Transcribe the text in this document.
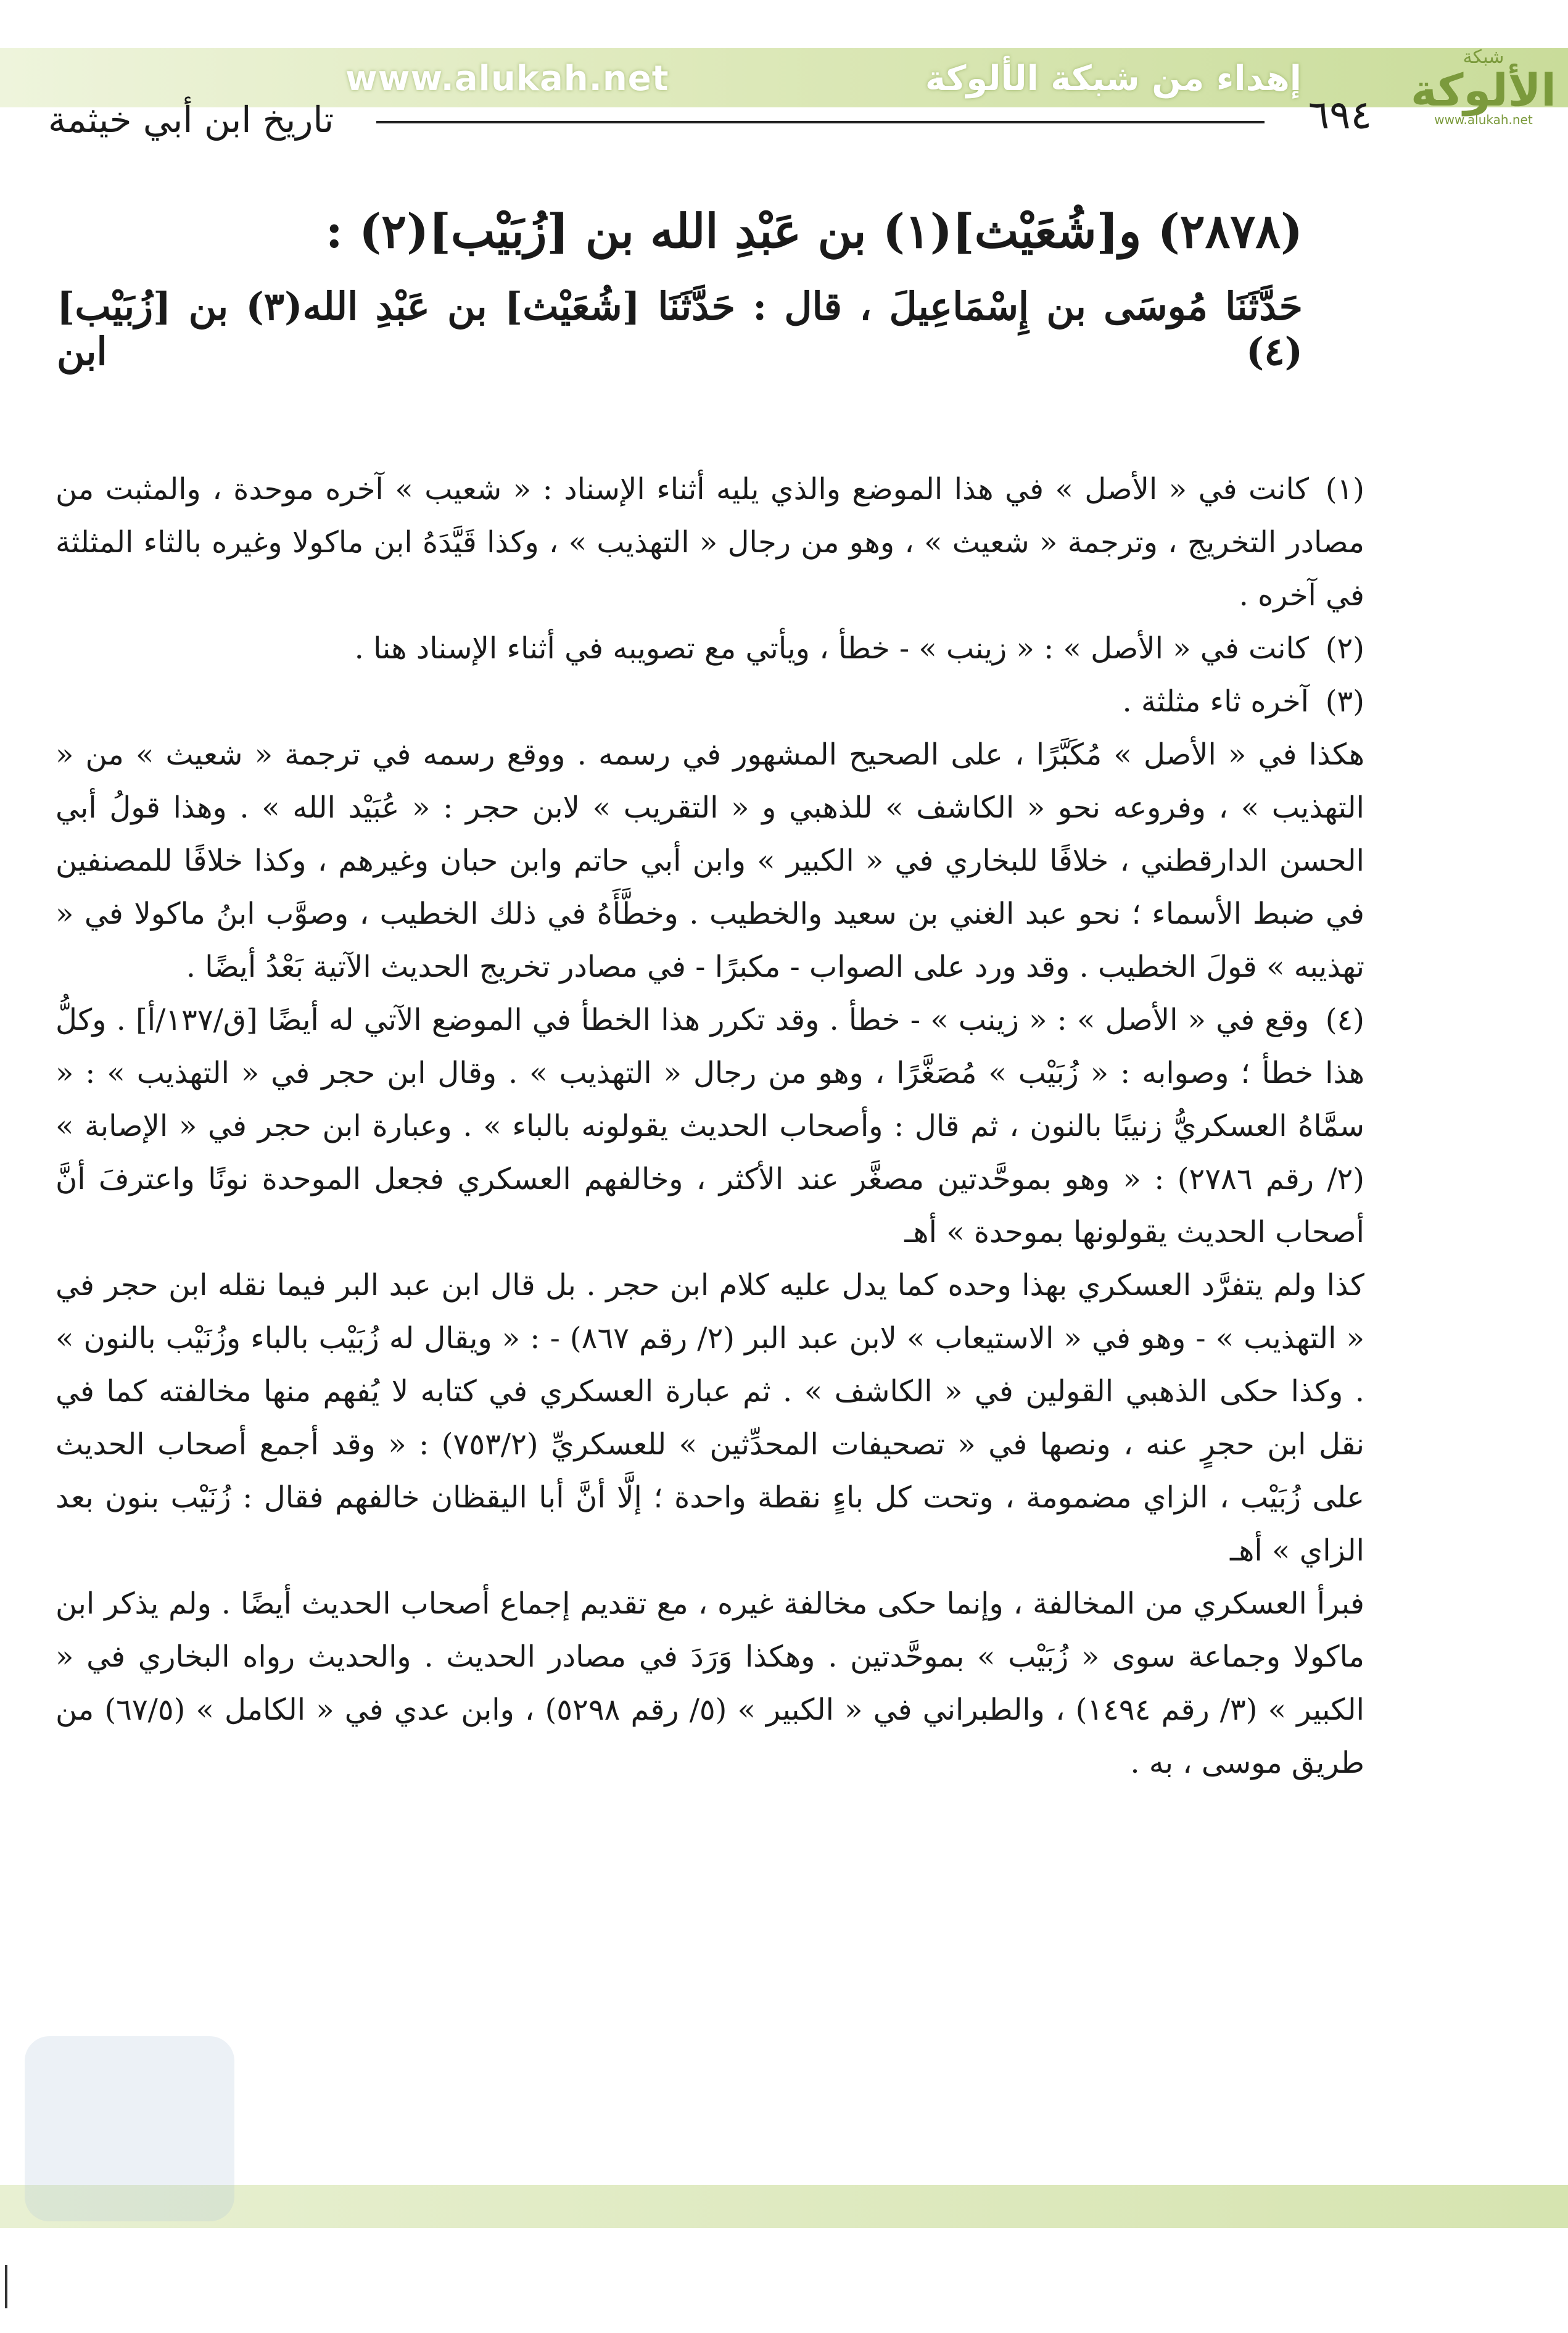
إهداء من شبكة الألوكة
www.alukah.net
شبكة
الألوكة
www.alukah.net
٦٩٤
تاريخ ابن أبي خيثمة
(٢٨٧٨) و[شُعَيْث](١) بن عَبْدِ الله بن [زُبَيْب](٢) :
حَدَّثَنَا مُوسَى بن إِسْمَاعِيلَ ، قال : حَدَّثَنَا [شُعَيْث] بن عَبْدِ الله(٣) بن [زُبَيْب](٤) ابن

(١)كانت في « الأصل » في هذا الموضع والذي يليه أثناء الإسناد : « شعيب » آخره موحدة ، والمثبت من مصادر التخريج ، وترجمة « شعيث » ، وهو من رجال « التهذيب » ، وكذا قَيَّدَهُ ابن ماكولا وغيره بالثاء المثلثة في آخره .

(٢)كانت في « الأصل » : « زينب » - خطأ ، ويأتي مع تصويبه في أثناء الإسناد هنا .

(٣)آخره ثاء مثلثة .

هكذا في « الأصل » مُكَبَّرًا ، على الصحيح المشهور في رسمه . ووقع رسمه في ترجمة « شعيث » من « التهذيب » ، وفروعه نحو « الكاشف » للذهبي و « التقريب » لابن حجر : « عُبَيْد الله » . وهذا قولُ أبي الحسن الدارقطني ، خلافًا للبخاري في « الكبير » وابن أبي حاتم وابن حبان وغيرهم ، وكذا خلافًا للمصنفين في ضبط الأسماء ؛ نحو عبد الغني بن سعيد والخطيب . وخطَّأَهُ في ذلك الخطيب ، وصوَّب ابنُ ماكولا في « تهذيبه » قولَ الخطيب . وقد ورد على الصواب - مكبرًا - في مصادر تخريج الحديث الآتية بَعْدُ أيضًا .

(٤)وقع في « الأصل » : « زينب » - خطأ . وقد تكرر هذا الخطأ في الموضع الآتي له أيضًا [ق/١٣٧/أ] . وكلُّ هذا خطأ ؛ وصوابه : « زُبَيْب » مُصَغَّرًا ، وهو من رجال « التهذيب » . وقال ابن حجر في « التهذيب » : « سمَّاهُ العسكريُّ زنيبًا بالنون ، ثم قال : وأصحاب الحديث يقولونه بالباء » . وعبارة ابن حجر في « الإصابة » (٢/ رقم ٢٧٨٦) : « وهو بموحَّدتين مصغَّر عند الأكثر ، وخالفهم العسكري فجعل الموحدة نونًا واعترفَ أنَّ أصحاب الحديث يقولونها بموحدة » أهـ

كذا ولم يتفرَّد العسكري بهذا وحده كما يدل عليه كلام ابن حجر . بل قال ابن عبد البر فيما نقله ابن حجر في « التهذيب » - وهو في « الاستيعاب » لابن عبد البر (٢/ رقم ٨٦٧) - : « ويقال له زُبَيْب بالباء وزُنَيْب بالنون » . وكذا حكى الذهبي القولين في « الكاشف » . ثم عبارة العسكري في كتابه لا يُفهم منها مخالفته كما في نقل ابن حجرٍ عنه ، ونصها في « تصحيفات المحدِّثين » للعسكريِّ (٧٥٣/٢) : « وقد أجمع أصحاب الحديث على زُبَيْب ، الزاي مضمومة ، وتحت كل باءٍ نقطة واحدة ؛ إلَّا أنَّ أبا اليقظان خالفهم فقال : زُنَيْب بنون بعد الزاي » أهـ

فبرأ العسكري من المخالفة ، وإنما حكى مخالفة غيره ، مع تقديم إجماع أصحاب الحديث أيضًا . ولم يذكر ابن ماكولا وجماعة سوى « زُبَيْب » بموحَّدتين . وهكذا وَرَدَ في مصادر الحديث . والحديث رواه البخاري في « الكبير » (٣/ رقم ١٤٩٤) ، والطبراني في « الكبير » (٥/ رقم ٥٢٩٨) ، وابن عدي في « الكامل » (٦٧/٥) من طريق موسى ، به .
